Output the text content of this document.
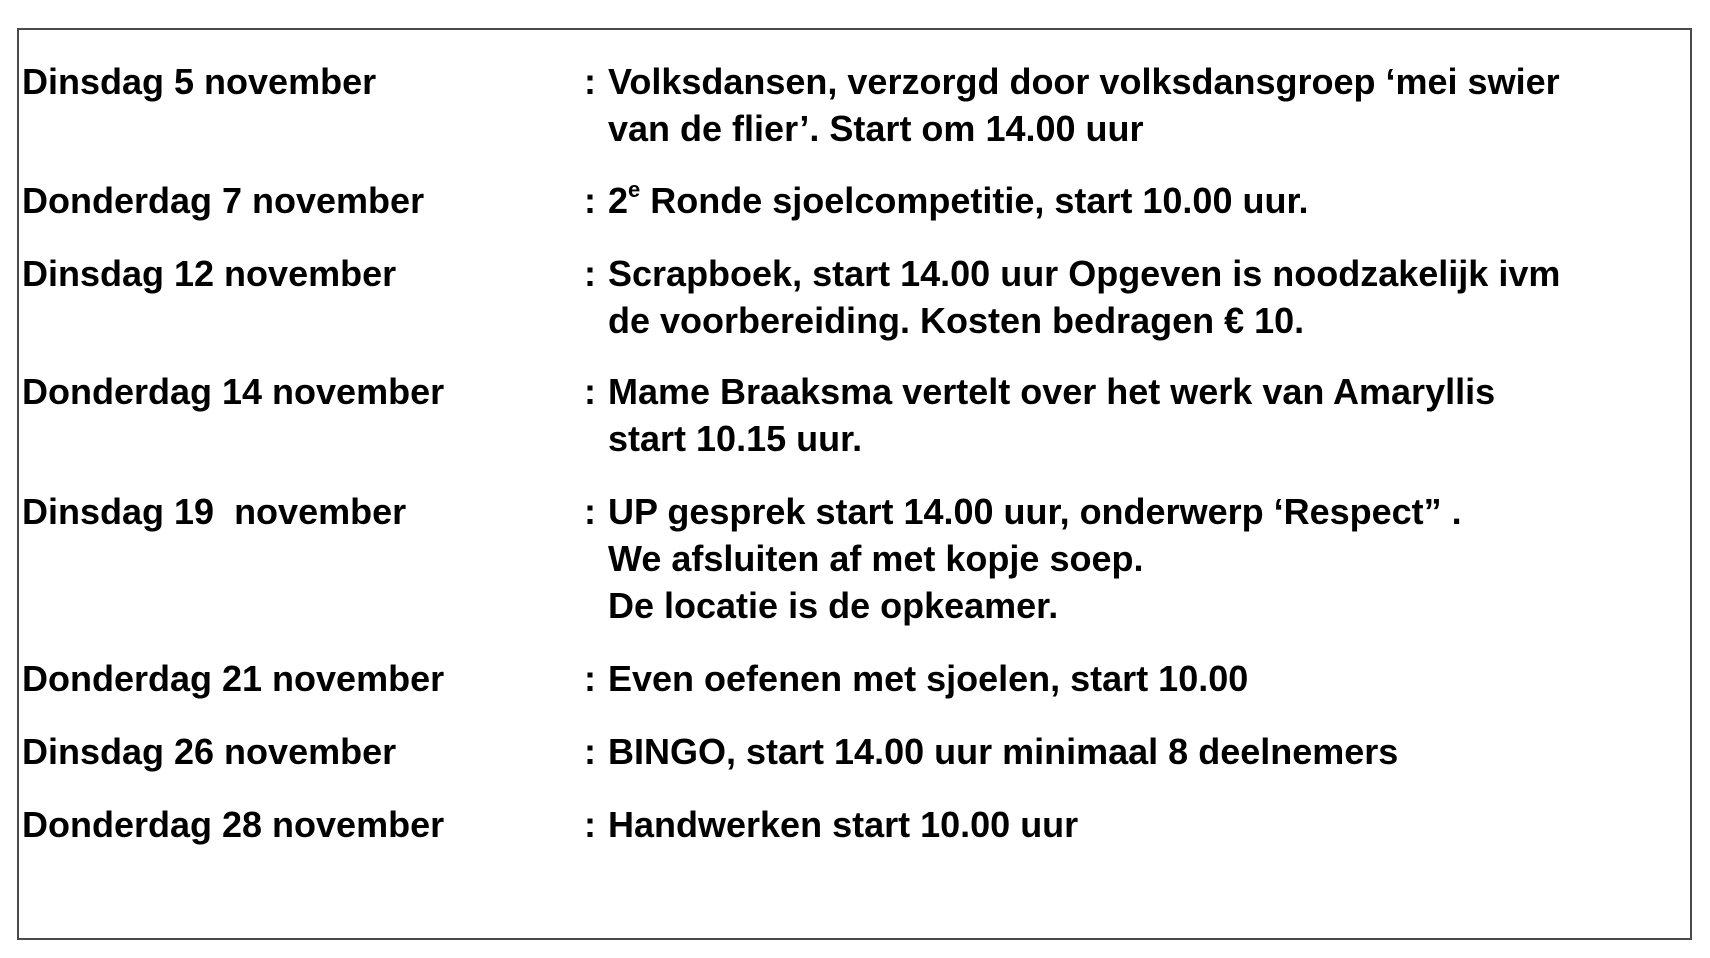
Dinsdag 5 november	: Volksdansen, verzorgd door volksdansgroep ‘mei swier
van de flier’. Start om 14.00 uur
Donderdag 7 november	: 2e Ronde sjoelcompetitie, start 10.00 uur.
Dinsdag 12 november	: Scrapboek, start 14.00 uur Opgeven is noodzakelijk ivm
de voorbereiding. Kosten bedragen € 10.
Donderdag 14 november	: Mame Braaksma vertelt over het werk van Amaryllis
start 10.15 uur.
Dinsdag 19  november	: UP gesprek start 14.00 uur, onderwerp ‘Respect” .
We afsluiten af met kopje soep.
De locatie is de opkeamer.
Donderdag 21 november	: Even oefenen met sjoelen, start 10.00
Dinsdag 26 november	: BINGO, start 14.00 uur minimaal 8 deelnemers
Donderdag 28 november	: Handwerken start 10.00 uur
